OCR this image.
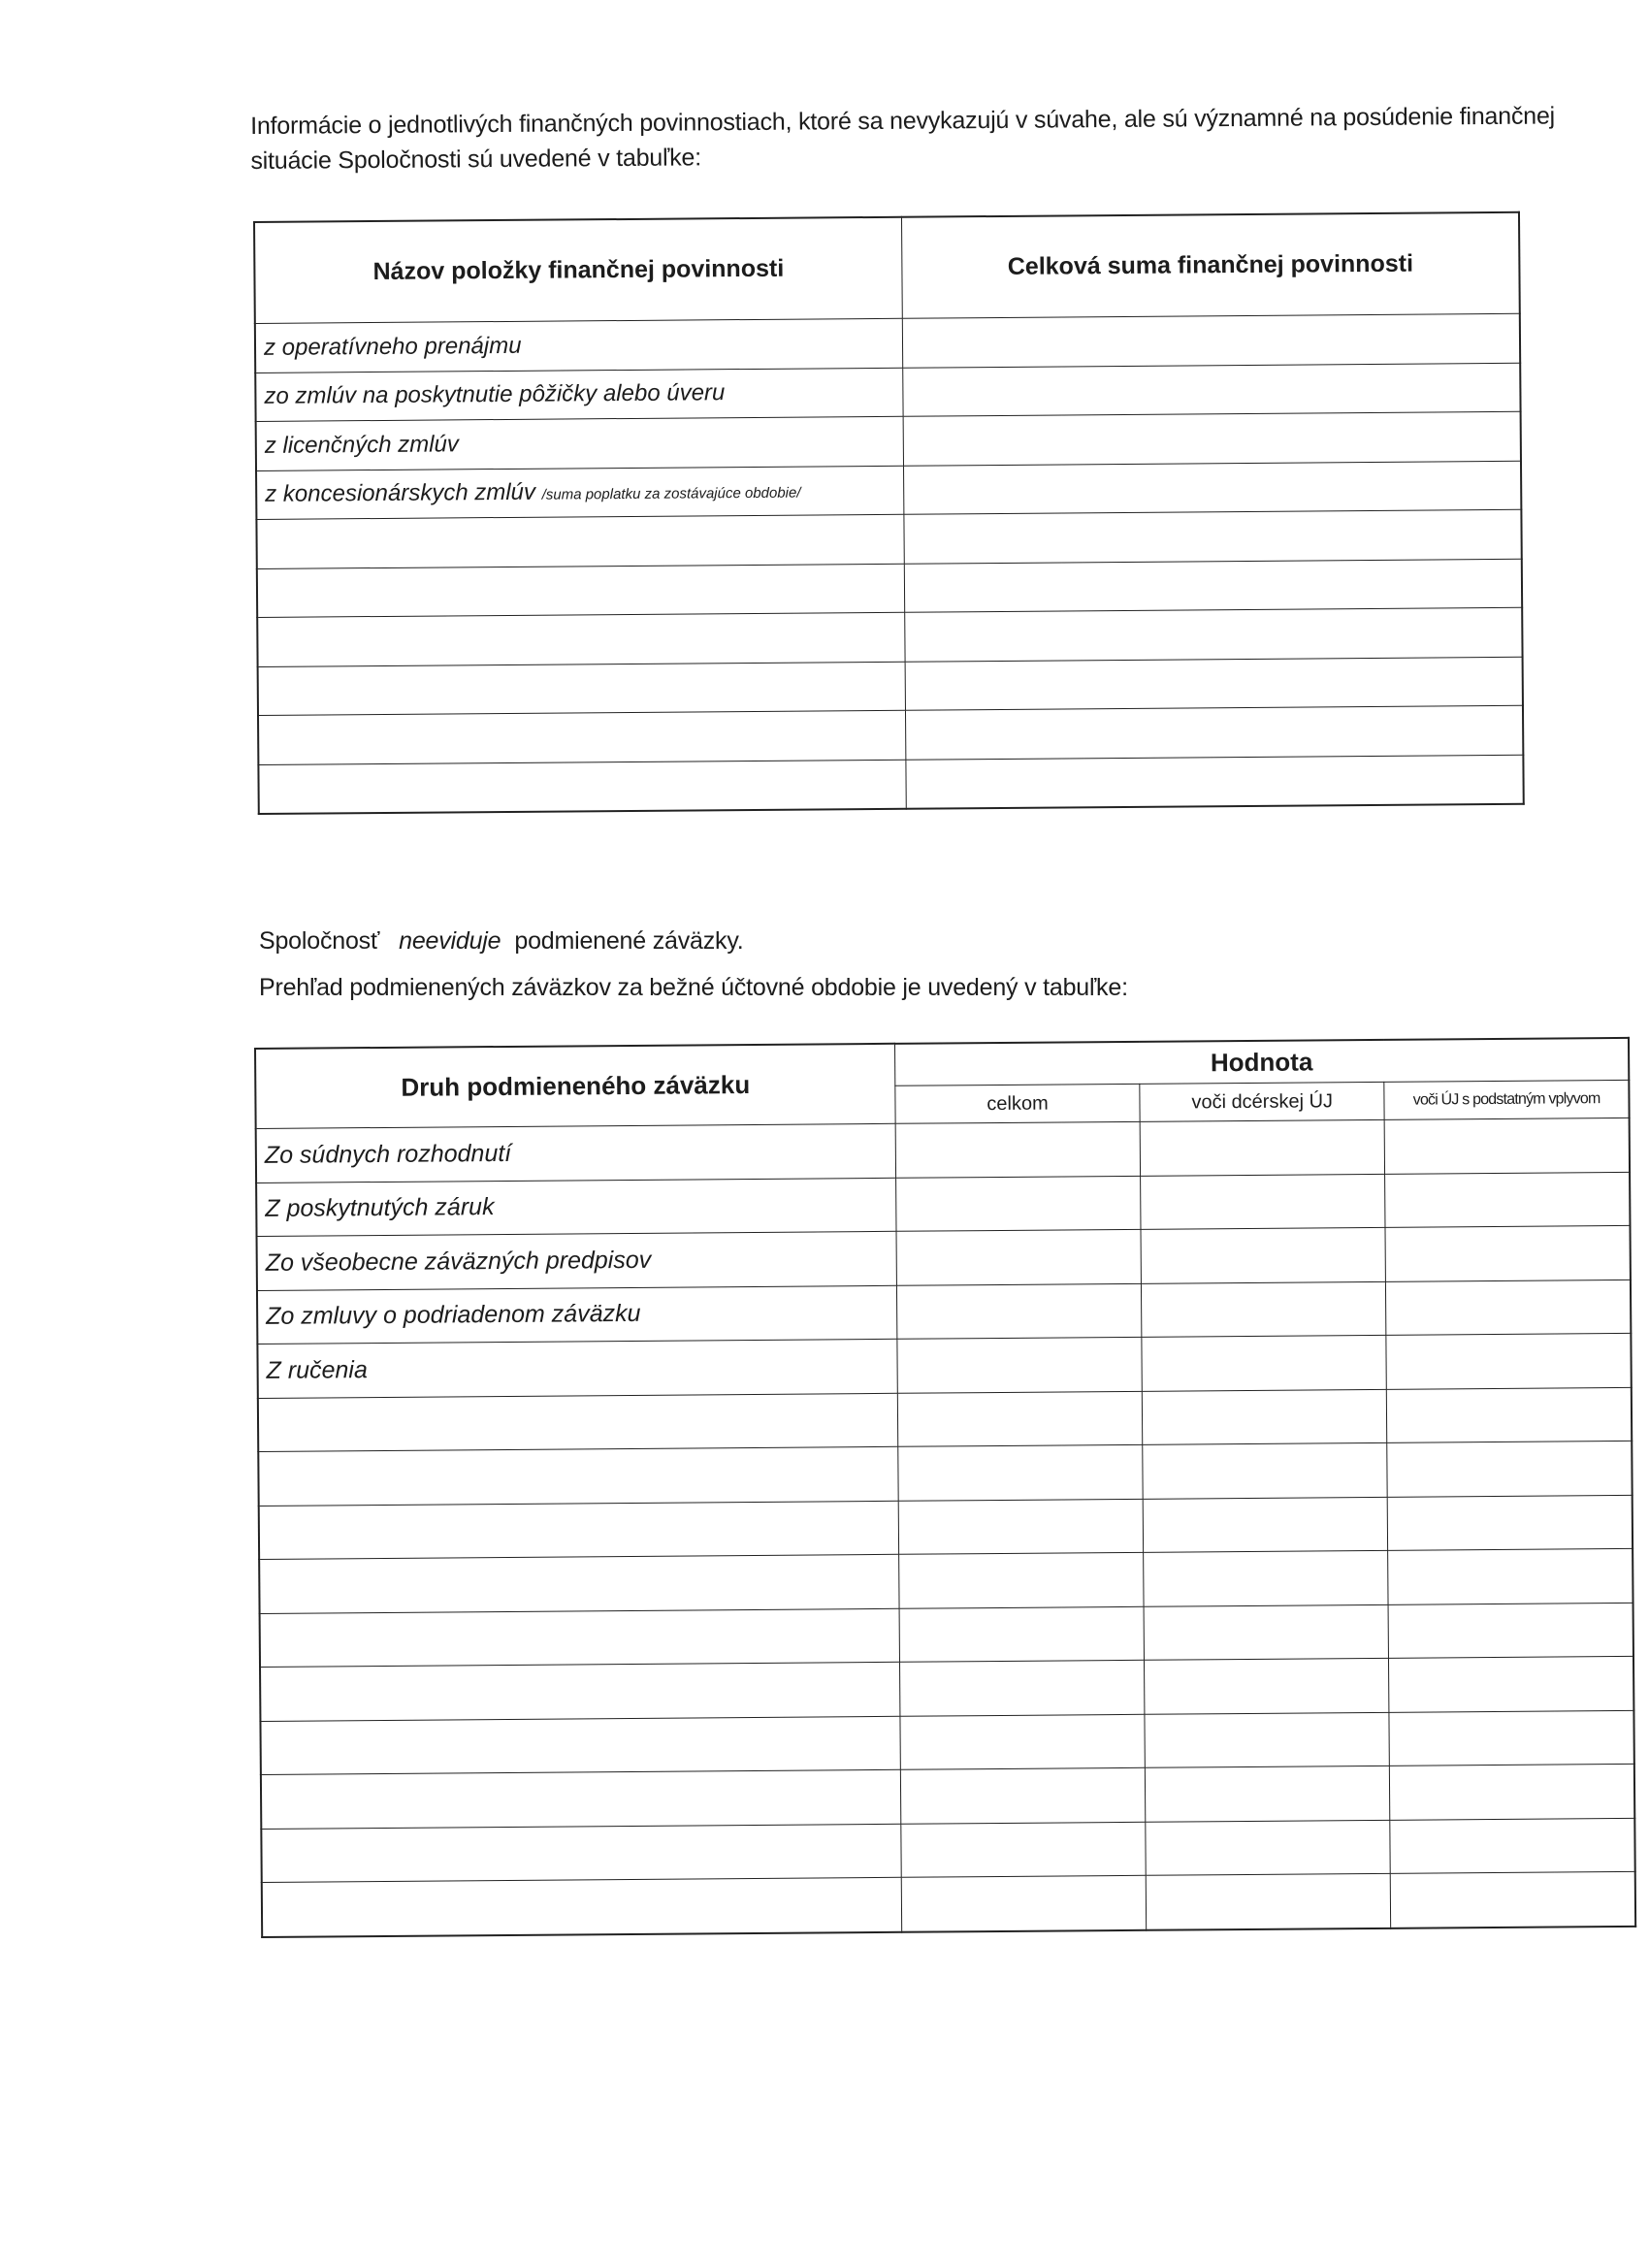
Informácie o jednotlivých finančných povinnostiach, ktoré sa nevykazujú v súvahe, ale sú významné na posúdenie finančnej
situácie Spoločnosti sú uvedené v tabuľke:
Názov položky finančnej povinnosti	Celková suma finančnej povinnosti
z operatívneho prenájmu	
zo zmlúv na poskytnutie pôžičky alebo úveru	
z licenčných zmlúv	
z koncesionárskych zmlúv /suma poplatku za zostávajúce obdobie/	

Spoločnosť neeviduje podmienené záväzky.
Prehľad podmienených záväzkov za bežné účtovné obdobie je uvedený v tabuľke:
Druh podmieneného záväzku	Hodnota		
	celkom	voči dcérskej ÚJ	voči ÚJ s podstatným vplyvom
Zo súdnych rozhodnutí			
Z poskytnutých záruk			
Zo všeobecne záväzných predpisov			
Zo zmluvy o podriadenom záväzku			
Z ručenia			
